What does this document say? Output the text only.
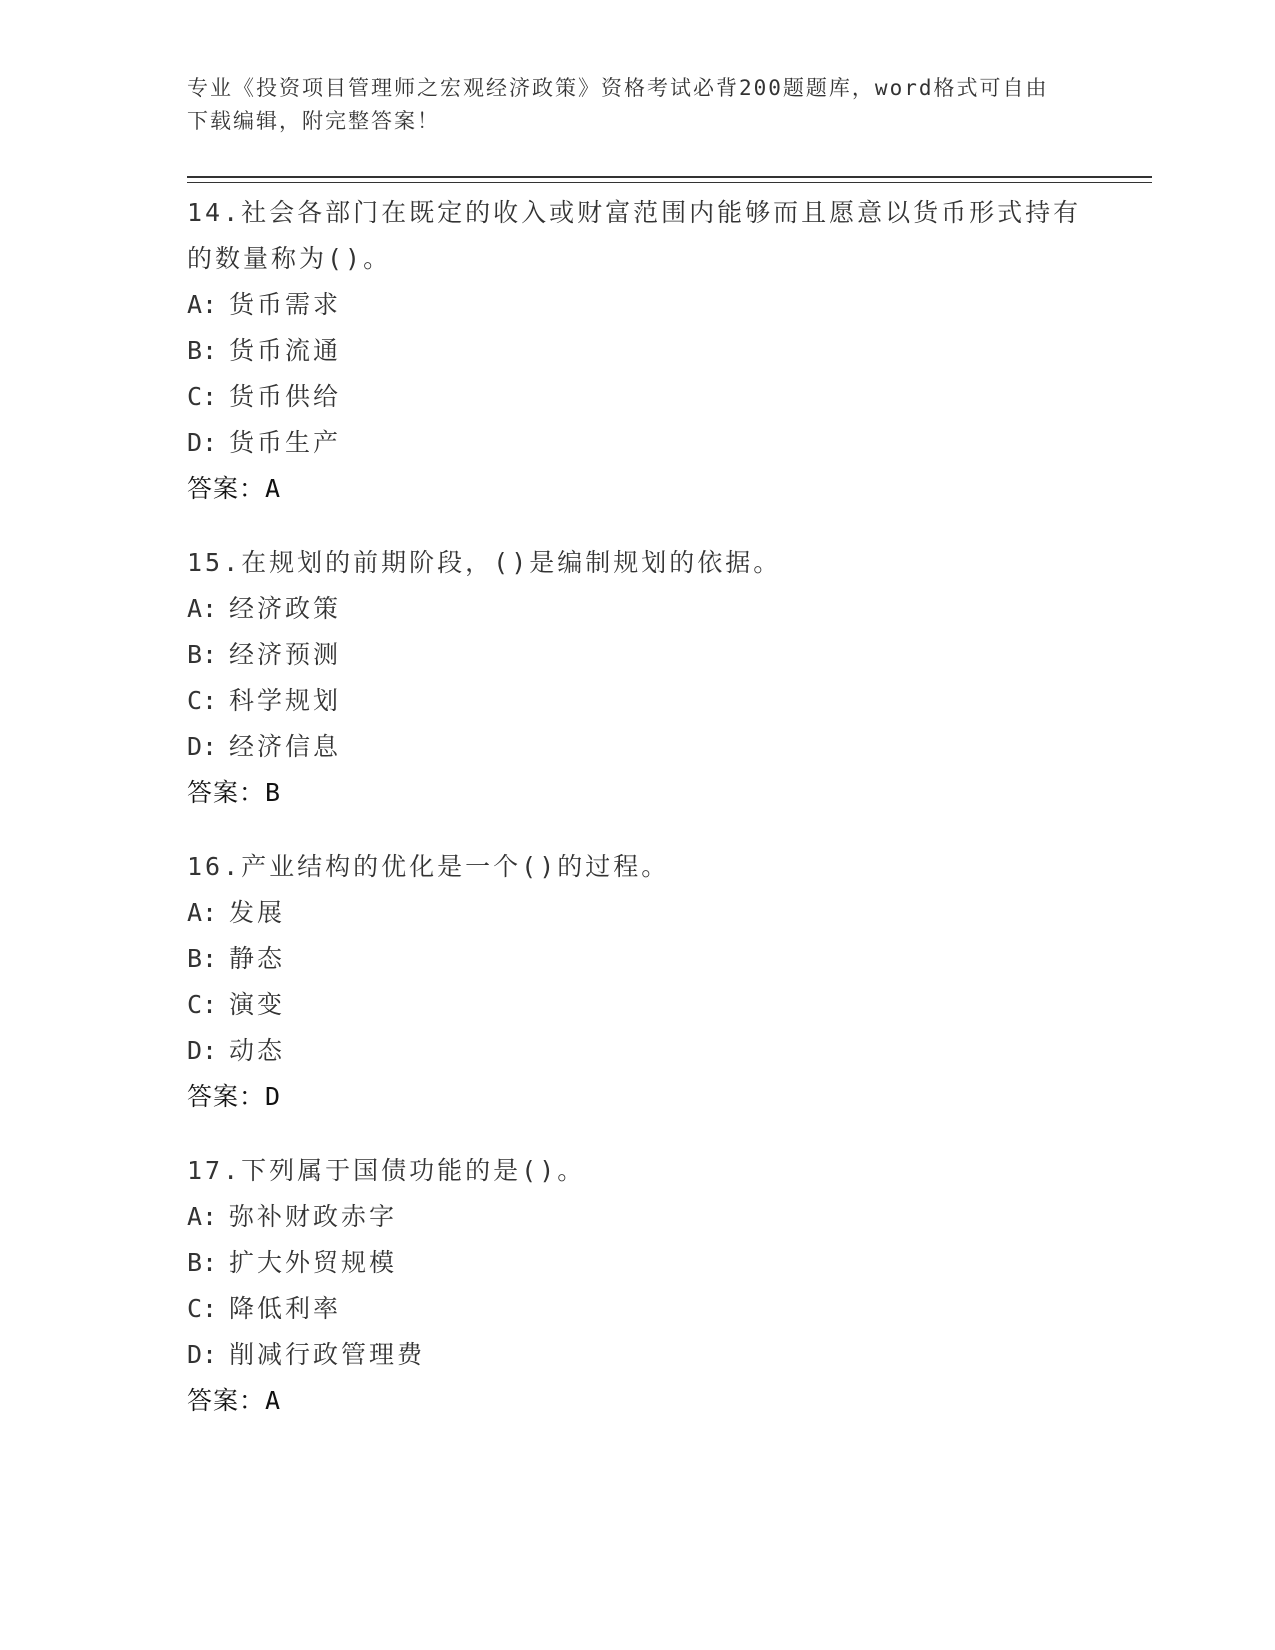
专业《投资项目管理师之宏观经济政策》资格考试必背200题题库，word格式可自由下载编辑，附完整答案！
14.社会各部门在既定的收入或财富范围内能够而且愿意以货币形式持有的数量称为()。
A: 货币需求
B: 货币流通
C: 货币供给
D: 货币生产
答案：A
15.在规划的前期阶段，()是编制规划的依据。
A: 经济政策
B: 经济预测
C: 科学规划
D: 经济信息
答案：B
16.产业结构的优化是一个()的过程。
A: 发展
B: 静态
C: 演变
D: 动态
答案：D
17.下列属于国债功能的是()。
A: 弥补财政赤字
B: 扩大外贸规模
C: 降低利率
D: 削减行政管理费
答案：A
